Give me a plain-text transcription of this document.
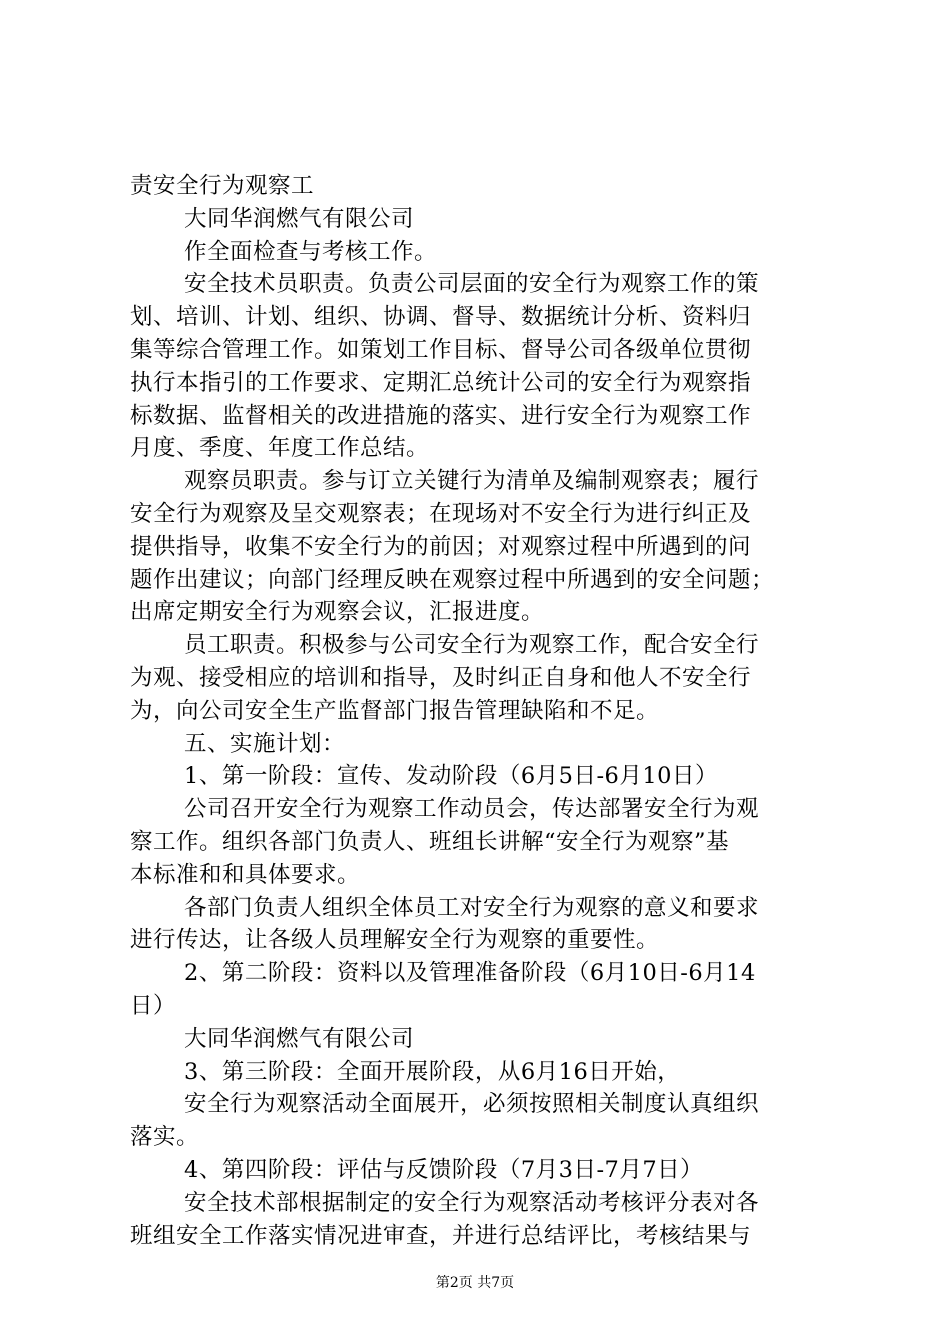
责安全行为观察工
大同华润燃气有限公司
作全面检查与考核工作。
安全技术员职责。负责公司层面的安全行为观察工作的策
划、培训、计划、组织、协调、督导、数据统计分析、资料归
集等综合管理工作。如策划工作目标、督导公司各级单位贯彻
执行本指引的工作要求、定期汇总统计公司的安全行为观察指
标数据、监督相关的改进措施的落实、进行安全行为观察工作
月度、季度、年度工作总结。
观察员职责。参与订立关键行为清单及编制观察表；履行
安全行为观察及呈交观察表；在现场对不安全行为进行纠正及
提供指导，收集不安全行为的前因；对观察过程中所遇到的问
题作出建议；向部门经理反映在观察过程中所遇到的安全问题；
出席定期安全行为观察会议，汇报进度。
员工职责。积极参与公司安全行为观察工作，配合安全行
为观、接受相应的培训和指导，及时纠正自身和他人不安全行
为，向公司安全生产监督部门报告管理缺陷和不足。
五、实施计划：
1、第一阶段：宣传、发动阶段（6月5日-6月10日）
公司召开安全行为观察工作动员会，传达部署安全行为观
察工作。组织各部门负责人、班组长讲解“安全行为观察”基
本标准和和具体要求。
各部门负责人组织全体员工对安全行为观察的意义和要求
进行传达，让各级人员理解安全行为观察的重要性。
2、第二阶段：资料以及管理准备阶段（6月10日-6月14
日）
大同华润燃气有限公司
3、第三阶段：全面开展阶段，从6月16日开始，
安全行为观察活动全面展开，必须按照相关制度认真组织
落实。
4、第四阶段：评估与反馈阶段（7月3日-7月7日）
安全技术部根据制定的安全行为观察活动考核评分表对各
班组安全工作落实情况进审查，并进行总结评比，考核结果与
第2页 共7页
